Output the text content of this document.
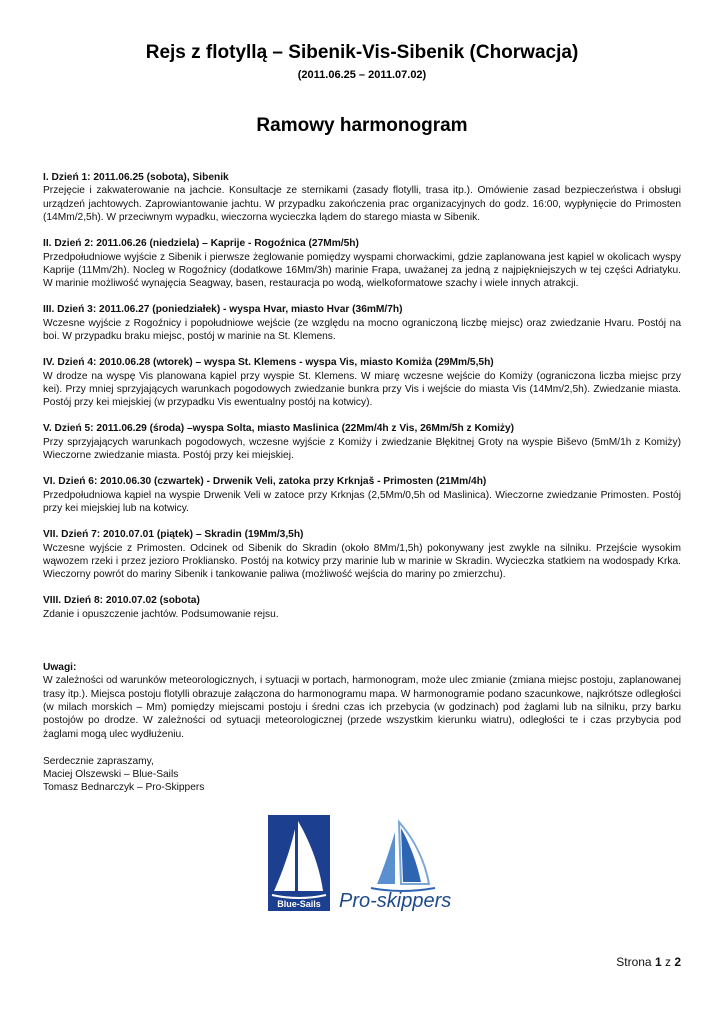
Rejs z flotyllą – Sibenik-Vis-Sibenik (Chorwacja)
(2011.06.25 – 2011.07.02)
Ramowy harmonogram
I. Dzień 1: 2011.06.25 (sobota), Sibenik
Przejęcie i zakwaterowanie na jachcie. Konsultacje ze sternikami (zasady flotylli, trasa itp.). Omówienie zasad bezpieczeństwa i obsługi urządzeń jachtowych. Zaprowiantowanie jachtu. W przypadku zakończenia prac organizacyjnych do godz. 16:00, wypłynięcie do Primosten (14Mm/2,5h). W przeciwnym wypadku, wieczorna wycieczka lądem do starego miasta w Sibenik.
II. Dzień 2: 2011.06.26 (niedziela) – Kaprije - Rogoźnica (27Mm/5h)
Przedpołudniowe wyjście z Sibenik i pierwsze żeglowanie pomiędzy wyspami chorwackimi, gdzie zaplanowana jest kąpiel w okolicach wyspy Kaprije (11Mm/2h). Nocleg w Rogoźnicy (dodatkowe 16Mm/3h) marinie Frapa, uważanej za jedną z najpiękniejszych w tej części Adriatyku. W marinie możliwość wynajęcia Seagway, basen, restauracja po wodą, wielkoformatowe szachy i wiele innych atrakcji.
III. Dzień 3: 2011.06.27 (poniedziałek) - wyspa Hvar, miasto Hvar (36mM/7h)
Wczesne wyjście z Rogoźnicy i popołudniowe wejście (ze względu na mocno ograniczoną liczbę miejsc) oraz zwiedzanie Hvaru. Postój na boi. W przypadku braku miejsc, postój w marinie na St. Klemens.
IV. Dzień 4: 2010.06.28 (wtorek) – wyspa St. Klemens - wyspa Vis, miasto Komiża (29Mm/5,5h)
W drodze na wyspę Vis planowana kąpiel przy wyspie St. Klemens. W miarę wczesne wejście do Komiży (ograniczona liczba miejsc przy kei). Przy mniej sprzyjających warunkach pogodowych zwiedzanie bunkra przy Vis i wejście do miasta Vis (14Mm/2,5h). Zwiedzanie miasta. Postój przy kei miejskiej (w przypadku Vis ewentualny postój na kotwicy).
V. Dzień 5: 2011.06.29 (środa) –wyspa Solta, miasto Maslinica (22Mm/4h z Vis, 26Mm/5h z Komiży)
Przy sprzyjających warunkach pogodowych, wczesne wyjście z Komiży i zwiedzanie Błękitnej Groty na wyspie Biševo (5mM/1h z Komiży) Wieczorne zwiedzanie miasta. Postój przy kei miejskiej.
VI. Dzień 6: 2010.06.30 (czwartek) - Drwenik Veli, zatoka przy Krknjaš - Primosten (21Mm/4h)
Przedpołudniowa kąpiel na wyspie Drwenik Veli w zatoce przy Krknjas (2,5Mm/0,5h od Maslinica). Wieczorne zwiedzanie Primosten. Postój przy kei miejskiej lub na kotwicy.
VII. Dzień 7: 2010.07.01 (piątek) – Skradin (19Mm/3,5h)
Wczesne wyjście z Primosten. Odcinek od Sibenik do Skradin (około 8Mm/1,5h) pokonywany jest zwykle na silniku. Przejście wysokim wąwozem rzeki i przez jezioro Prokliansko. Postój na kotwicy przy marinie lub w marinie w Skradin. Wycieczka statkiem na wodospady Krka. Wieczorny powrót do mariny Sibenik i tankowanie paliwa (możliwość wejścia do mariny po zmierzchu).
VIII. Dzień 8: 2010.07.02 (sobota)
Zdanie i opuszczenie jachtów. Podsumowanie rejsu.
Uwagi:
W zależności od warunków meteorologicznych, i sytuacji w portach, harmonogram, może ulec zmianie (zmiana miejsc postoju, zaplanowanej trasy itp.). Miejsca postoju flotylli obrazuje załączona do harmonogramu mapa. W harmonogramie podano szacunkowe, najkrótsze odległości (w milach morskich – Mm) pomiędzy miejscami postoju i średni czas ich przebycia (w godzinach) pod żaglami lub na silniku, przy barku postojów po drodze. W zależności od sytuacji meteorologicznej (przede wszystkim kierunku wiatru), odległości te i czas przybycia pod żaglami mogą ulec wydłużeniu.
Serdecznie zapraszamy,
Maciej Olszewski – Blue-Sails
Tomasz Bednarczyk – Pro-Skippers
Blue-Sails Pro-skippers
Strona 1 z 2
